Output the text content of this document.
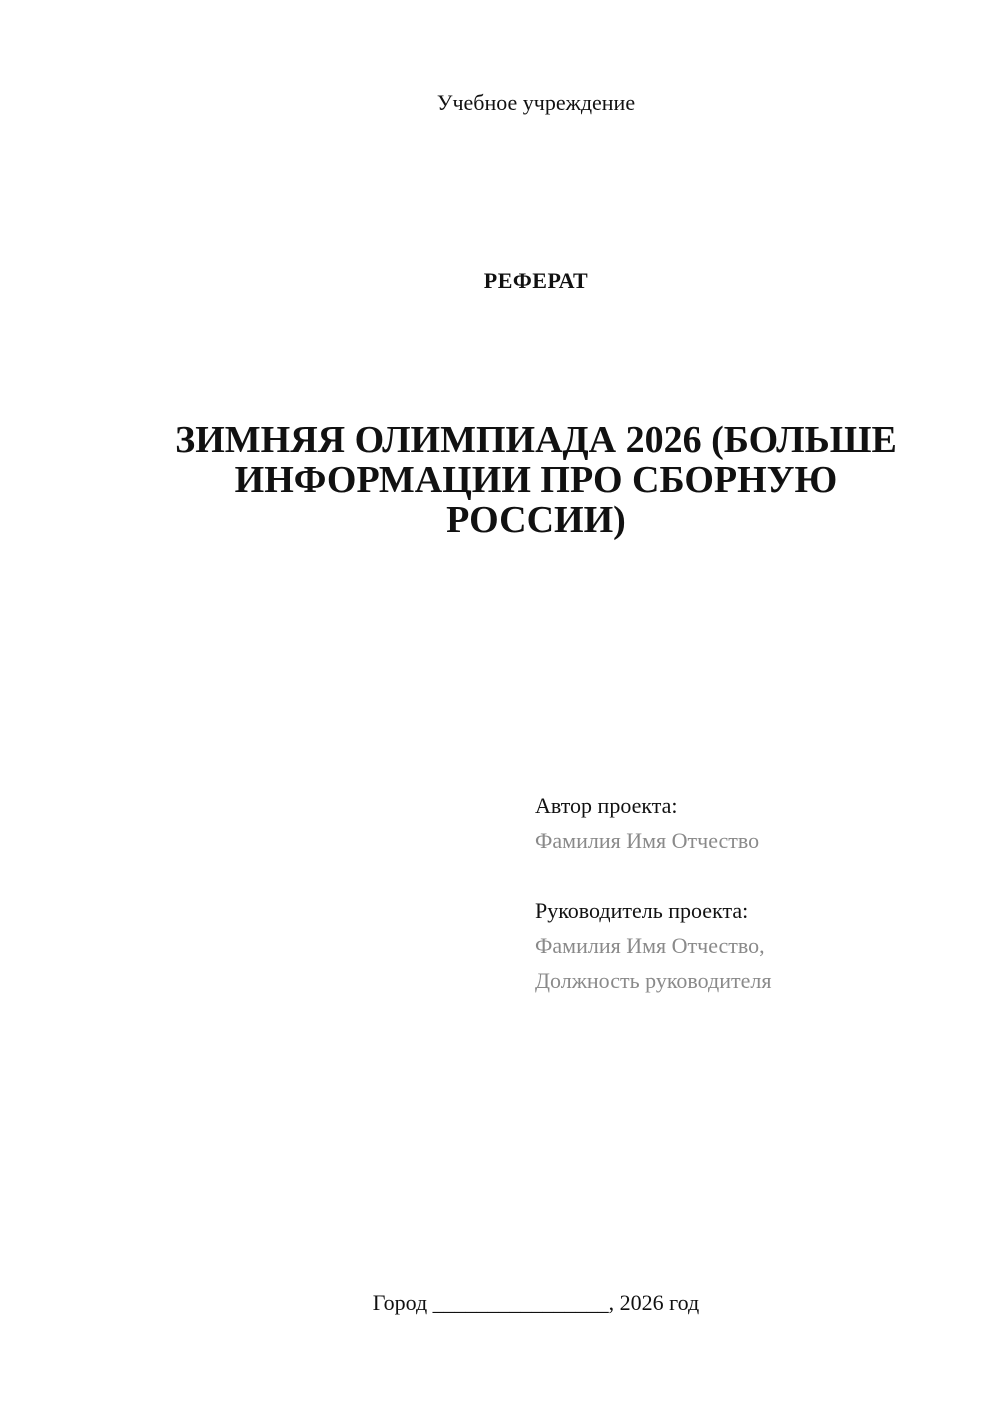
Учебное учреждение
РЕФЕРАТ
ЗИМНЯЯ ОЛИМПИАДА 2026 (БОЛЬШЕ
ИНФОРМАЦИИ ПРО СБОРНУЮ
РОССИИ)
Автор проекта:
Фамилия Имя Отчество
Руководитель проекта:
Фамилия Имя Отчество,
Должность руководителя
Город ________________, 2026 год
